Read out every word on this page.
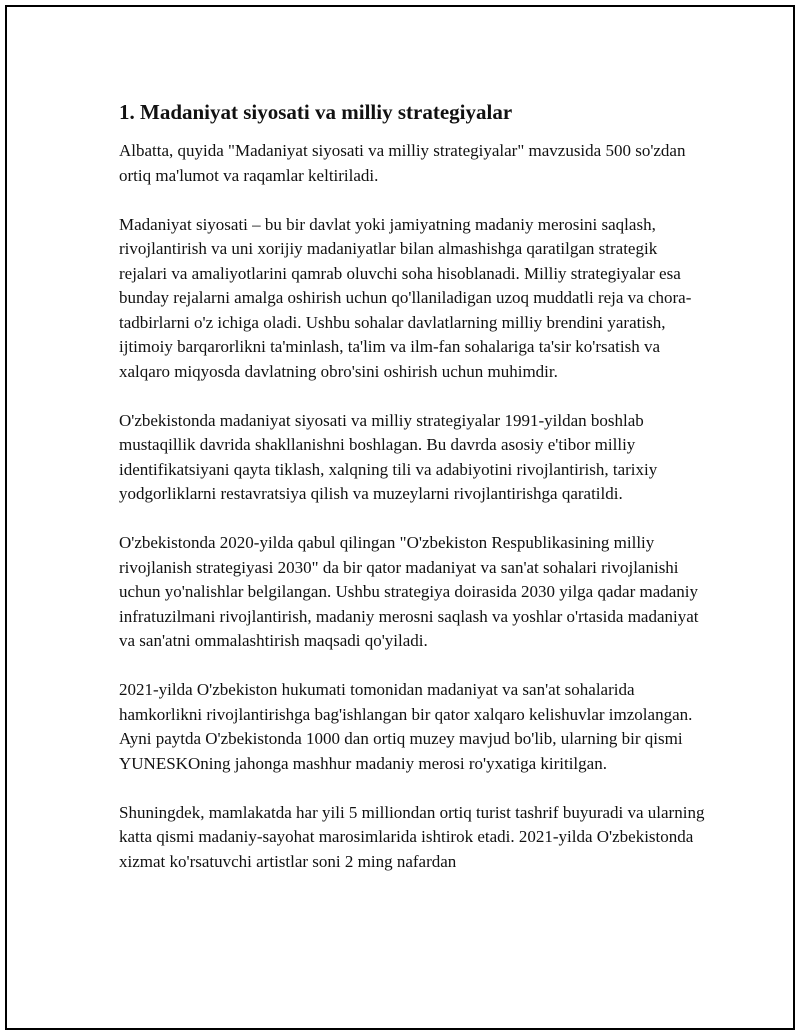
1. Madaniyat siyosati va milliy strategiyalar

Albatta, quyida "Madaniyat siyosati va milliy strategiyalar" mavzusida 500 so'zdan ortiq ma'lumot va raqamlar keltiriladi.

Madaniyat siyosati – bu bir davlat yoki jamiyatning madaniy merosini saqlash, rivojlantirish va uni xorijiy madaniyatlar bilan almashishga qaratilgan strategik rejalari va amaliyotlarini qamrab oluvchi soha hisoblanadi. Milliy strategiyalar esa bunday rejalarni amalga oshirish uchun qo'llaniladigan uzoq muddatli reja va chora-tadbirlarni o'z ichiga oladi. Ushbu sohalar davlatlarning milliy brendini yaratish, ijtimoiy barqarorlikni ta'minlash, ta'lim va ilm-fan sohalariga ta'sir ko'rsatish va xalqaro miqyosda davlatning obro'sini oshirish uchun muhimdir.

O'zbekistonda madaniyat siyosati va milliy strategiyalar 1991-yildan boshlab mustaqillik davrida shakllanishni boshlagan. Bu davrda asosiy e'tibor milliy identifikatsiyani qayta tiklash, xalqning tili va adabiyotini rivojlantirish, tarixiy yodgorliklarni restavratsiya qilish va muzeylarni rivojlantirishga qaratildi.

O'zbekistonda 2020-yilda qabul qilingan "O'zbekiston Respublikasining milliy rivojlanish strategiyasi 2030" da bir qator madaniyat va san'at sohalari rivojlanishi uchun yo'nalishlar belgilangan. Ushbu strategiya doirasida 2030 yilga qadar madaniy infratuzilmani rivojlantirish, madaniy merosni saqlash va yoshlar o'rtasida madaniyat va san'atni ommalashtirish maqsadi qo'yiladi.

2021-yilda O'zbekiston hukumati tomonidan madaniyat va san'at sohalarida hamkorlikni rivojlantirishga bag'ishlangan bir qator xalqaro kelishuvlar imzolangan. Ayni paytda O'zbekistonda 1000 dan ortiq muzey mavjud bo'lib, ularning bir qismi YUNESKOning jahonga mashhur madaniy merosi ro'yxatiga kiritilgan.

Shuningdek, mamlakatda har yili 5 milliondan ortiq turist tashrif buyuradi va ularning katta qismi madaniy-sayohat marosimlarida ishtirok etadi. 2021-yilda O'zbekistonda xizmat ko'rsatuvchi artistlar soni 2 ming nafardan
